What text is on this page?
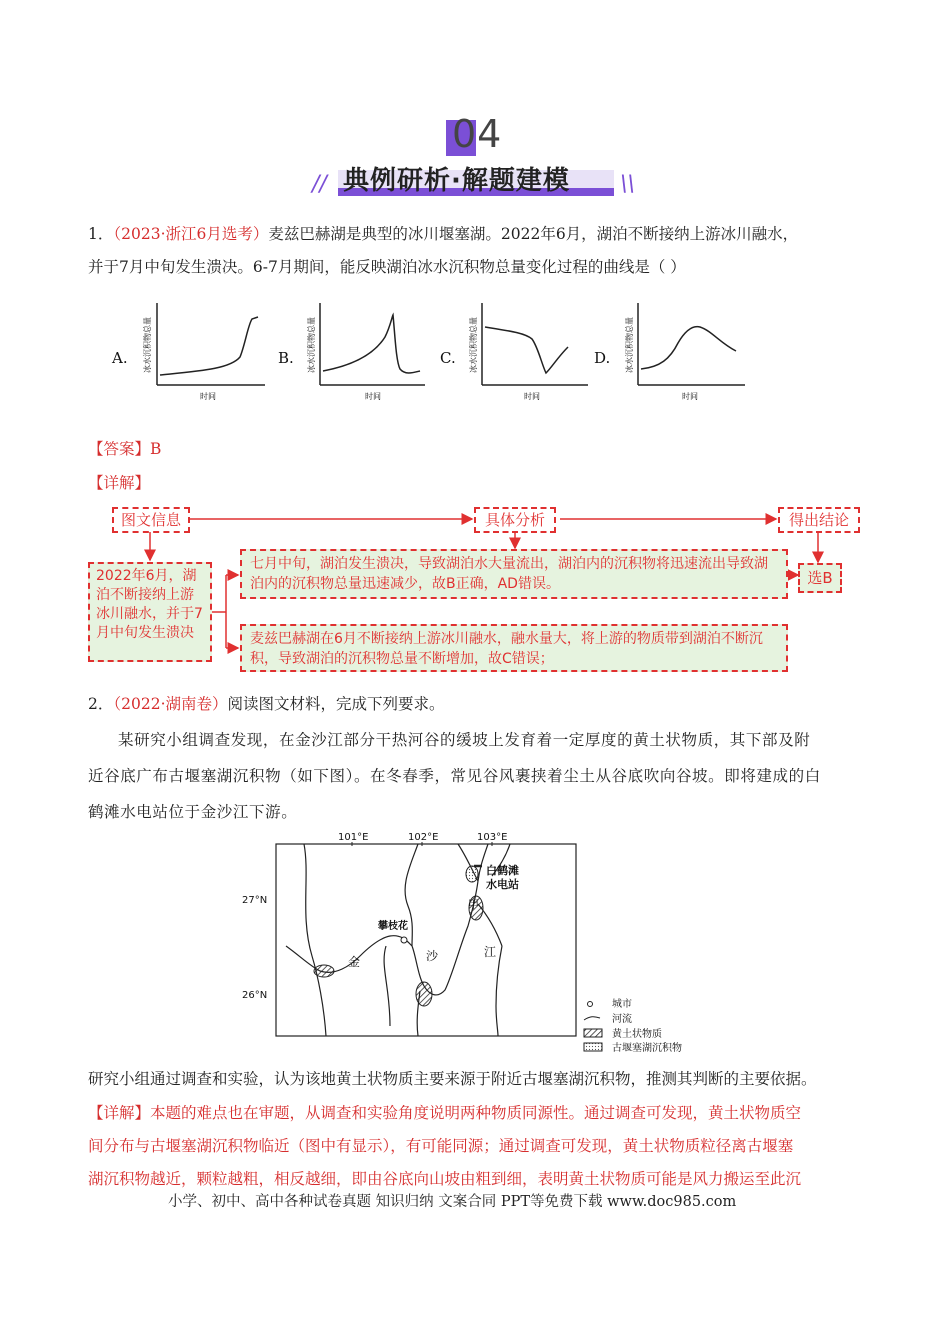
04
//	\\
典例研析·解题建模
1．（2023·浙江6月选考）麦兹巴赫湖是典型的冰川堰塞湖。2022年6月，湖泊不断接纳上游冰川融水，
并于7月中旬发生溃决。6-7月期间，能反映湖泊冰水沉积物总量变化过程的曲线是（ ）
A. 冰水沉积物总量
时间
B. 冰水沉积物总量
时间
C. 冰水沉积物总量
时间
D. 冰水沉积物总量
时间
【答案】B
【详解】
图文信息	具体分析	得出结论
2022年6月，湖泊不断接纳上游冰川融水，并于7月中旬发生溃决
七月中旬，湖泊发生溃决，导致湖泊水大量流出，湖泊内的沉积物将迅速流出导致湖泊内的沉积物总量迅速减少，故B正确，AD错误。
麦兹巴赫湖在6月不断接纳上游冰川融水，融水量大，将上游的物质带到湖泊不断沉积，导致湖泊的沉积物总量不断增加，故C错误；
选B
2．（2022·湖南卷）阅读图文材料，完成下列要求。
某研究小组调查发现，在金沙江部分干热河谷的缓坡上发育着一定厚度的黄土状物质，其下部及附
近谷底广布古堰塞湖沉积物（如下图）。在冬春季，常见谷风裹挟着尘土从谷底吹向谷坡。即将建成的白
鹤滩水电站位于金沙江下游。
101°E	102°E	103°E
27°N
26°N
攀枝花
金	沙	江
白鹤滩
水电站
甲
城市
河流
黄土状物质
古堰塞湖沉积物
研究小组通过调查和实验，认为该地黄土状物质主要来源于附近古堰塞湖沉积物，推测其判断的主要依据。
【详解】本题的难点也在审题，从调查和实验角度说明两种物质同源性。通过调查可发现，黄土状物质空
间分布与古堰塞湖沉积物临近（图中有显示），有可能同源；通过调查可发现，黄土状物质粒径离古堰塞
湖沉积物越近，颗粒越粗，相反越细，即由谷底向山坡由粗到细，表明黄土状物质可能是风力搬运至此沉
小学、初中、高中各种试卷真题 知识归纳 文案合同 PPT等免费下载 www.doc985.com
